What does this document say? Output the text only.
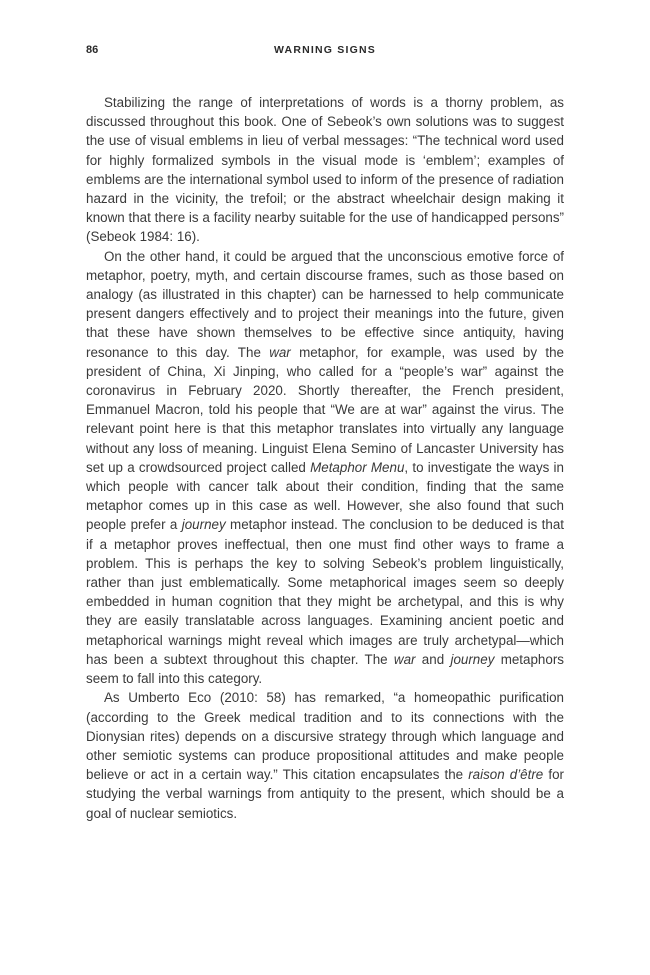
86	WARNING SIGNS

Stabilizing the range of interpretations of words is a thorny problem, as discussed throughout this book. One of Sebeok’s own solutions was to suggest the use of visual emblems in lieu of verbal messages: “The technical word used for highly formalized symbols in the visual mode is ‘emblem’; examples of emblems are the international symbol used to inform of the presence of radiation hazard in the vicinity, the trefoil; or the abstract wheelchair design making it known that there is a facility nearby suitable for the use of handicapped persons” (Sebeok 1984: 16).

On the other hand, it could be argued that the unconscious emotive force of metaphor, poetry, myth, and certain discourse frames, such as those based on analogy (as illustrated in this chapter) can be harnessed to help communicate present dangers effectively and to project their meanings into the future, given that these have shown themselves to be effective since antiquity, having resonance to this day. The war metaphor, for example, was used by the president of China, Xi Jinping, who called for a “people’s war” against the coronavirus in February 2020. Shortly thereafter, the French president, Emmanuel Macron, told his people that “We are at war” against the virus. The relevant point here is that this metaphor translates into virtually any language without any loss of meaning. Linguist Elena Semino of Lancaster University has set up a crowdsourced project called Metaphor Menu, to investigate the ways in which people with cancer talk about their condition, finding that the same metaphor comes up in this case as well. However, she also found that such people prefer a journey metaphor instead. The conclusion to be deduced is that if a metaphor proves ineffectual, then one must find other ways to frame a problem. This is perhaps the key to solving Sebeok’s problem linguistically, rather than just emblematically. Some metaphorical images seem so deeply embedded in human cognition that they might be archetypal, and this is why they are easily translatable across languages. Examining ancient poetic and metaphorical warnings might reveal which images are truly archetypal—which has been a subtext throughout this chapter. The war and journey metaphors seem to fall into this category.

As Umberto Eco (2010: 58) has remarked, “a homeopathic purification (according to the Greek medical tradition and to its connections with the Dionysian rites) depends on a discursive strategy through which language and other semiotic systems can produce propositional attitudes and make people believe or act in a certain way.” This citation encapsulates the raison d’être for studying the verbal warnings from antiquity to the present, which should be a goal of nuclear semiotics.
